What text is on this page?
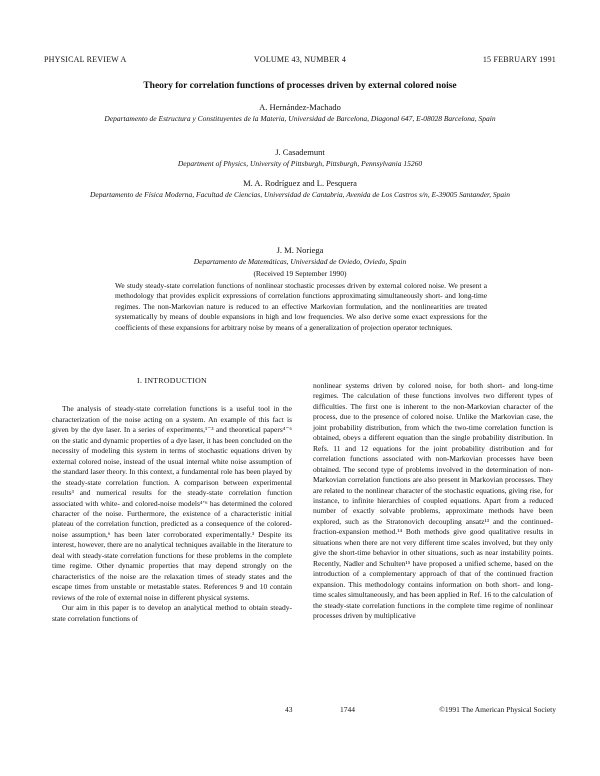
PHYSICAL REVIEW A	VOLUME 43, NUMBER 4	15 FEBRUARY 1991
Theory for correlation functions of processes driven by external colored noise
A. Hernández-Machado
Departamento de Estructura y Constituyentes de la Materia, Universidad de Barcelona, Diagonal 647, E-08028 Barcelona, Spain
J. Casademunt
Department of Physics, University of Pittsburgh, Pittsburgh, Pennsylvania 15260
M. A. Rodríguez and L. Pesquera
Departamento de Física Moderna, Facultad de Ciencias, Universidad de Cantabria, Avenida de Los Castros s/n, E-39005 Santander, Spain
J. M. Noriega
Departamento de Matemáticas, Universidad de Oviedo, Oviedo, Spain
(Received 19 September 1990)
We study steady-state correlation functions of nonlinear stochastic processes driven by external colored noise. We present a methodology that provides explicit expressions of correlation functions approximating simultaneously short- and long-time regimes. The non-Markovian nature is reduced to an effective Markovian formulation, and the nonlinearities are treated systematically by means of double expansions in high and low frequencies. We also derive some exact expressions for the coefficients of these expansions for arbitrary noise by means of a generalization of projection operator techniques.
I. INTRODUCTION

The analysis of steady-state correlation functions is a useful tool in the characterization of the noise acting on a system. An example of this fact is given by the dye laser. In a series of experiments,¹⁻³ and theoretical papers⁴⁻⁶ on the static and dynamic properties of a dye laser, it has been concluded on the necessity of modeling this system in terms of stochastic equations driven by external colored noise, instead of the usual internal white noise assumption of the standard laser theory. In this context, a fundamental role has been played by the steady-state correlation function. A comparison between experimental results³ and numerical results for the steady-state correlation function associated with white- and colored-noise models⁴ʼ⁶ has determined the colored character of the noise. Furthermore, the existence of a characteristic initial plateau of the correlation function, predicted as a consequence of the colored-noise assumption,⁶ has been later corroborated experimentally.³ Despite its interest, however, there are no analytical techniques available in the literature to deal with steady-state correlation functions for these problems in the complete time regime. Other dynamic properties that may depend strongly on the characteristics of the noise are the relaxation times of steady states and the escape times from unstable or metastable states. References 9 and 10 contain reviews of the role of external noise in different physical systems.

Our aim in this paper is to develop an analytical method to obtain steady-state correlation functions of

nonlinear systems driven by colored noise, for both short- and long-time regimes. The calculation of these functions involves two different types of difficulties. The first one is inherent to the non-Markovian character of the process, due to the presence of colored noise. Unlike the Markovian case, the joint probability distribution, from which the two-time correlation function is obtained, obeys a different equation than the single probability distribution. In Refs. 11 and 12 equations for the joint probability distribution and for correlation functions associated with non-Markovian processes have been obtained. The second type of problems involved in the determination of non-Markovian correlation functions are also present in Markovian processes. They are related to the nonlinear character of the stochastic equations, giving rise, for instance, to infinite hierarchies of coupled equations. Apart from a reduced number of exactly solvable problems, approximate methods have been explored, such as the Stratonovich decoupling ansatz¹³ and the continued-fraction-expansion method.¹⁴ Both methods give good qualitative results in situations when there are not very different time scales involved, but they only give the short-time behavior in other situations, such as near instability points. Recently, Nadler and Schulten¹⁵ have proposed a unified scheme, based on the introduction of a complementary approach of that of the continued fraction expansion. This methodology contains information on both short- and long-time scales simultaneously, and has been applied in Ref. 16 to the calculation of the steady-state correlation functions in the complete time regime of nonlinear processes driven by multiplicative

43	1744	©1991 The American Physical Society
